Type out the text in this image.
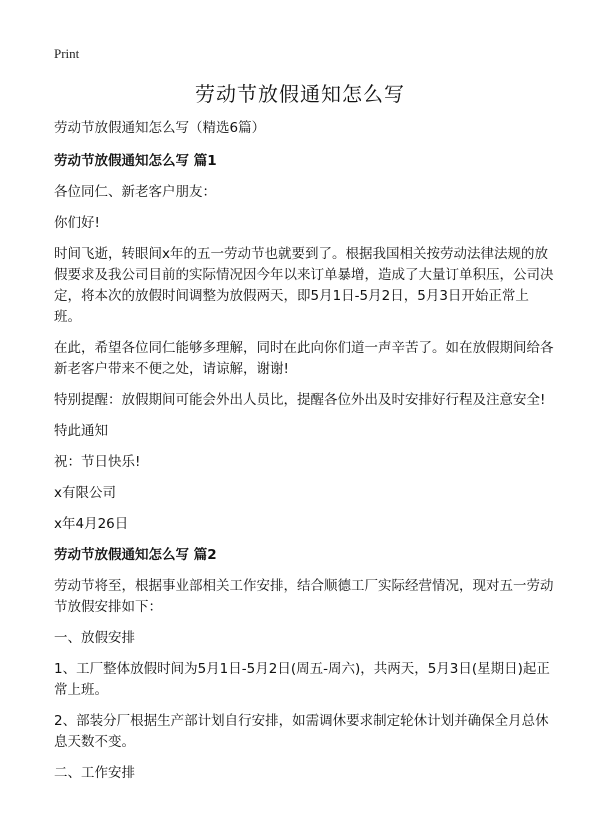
Print
劳动节放假通知怎么写

劳动节放假通知怎么写（精选6篇）

劳动节放假通知怎么写 篇1

各位同仁、新老客户朋友：

你们好!

时间飞逝，转眼间x年的五一劳动节也就要到了。根据我国相关按劳动法律法规的放假要求及我公司目前的实际情况因今年以来订单暴增，造成了大量订单积压，公司决定，将本次的放假时间调整为放假两天，即5月1日-5月2日，5月3日开始正常上班。

在此，希望各位同仁能够多理解，同时在此向你们道一声辛苦了。如在放假期间给各新老客户带来不便之处，请谅解，谢谢!

特别提醒：放假期间可能会外出人员比，提醒各位外出及时安排好行程及注意安全!

特此通知

祝：节日快乐!

x有限公司

x年4月26日

劳动节放假通知怎么写 篇2

劳动节将至，根据事业部相关工作安排，结合顺德工厂实际经营情况，现对五一劳动节放假安排如下：

一、放假安排

1、工厂整体放假时间为5月1日-5月2日(周五-周六)，共两天，5月3日(星期日)起正常上班。

2、部装分厂根据生产部计划自行安排，如需调休要求制定轮休计划并确保全月总休息天数不变。

二、工作安排
